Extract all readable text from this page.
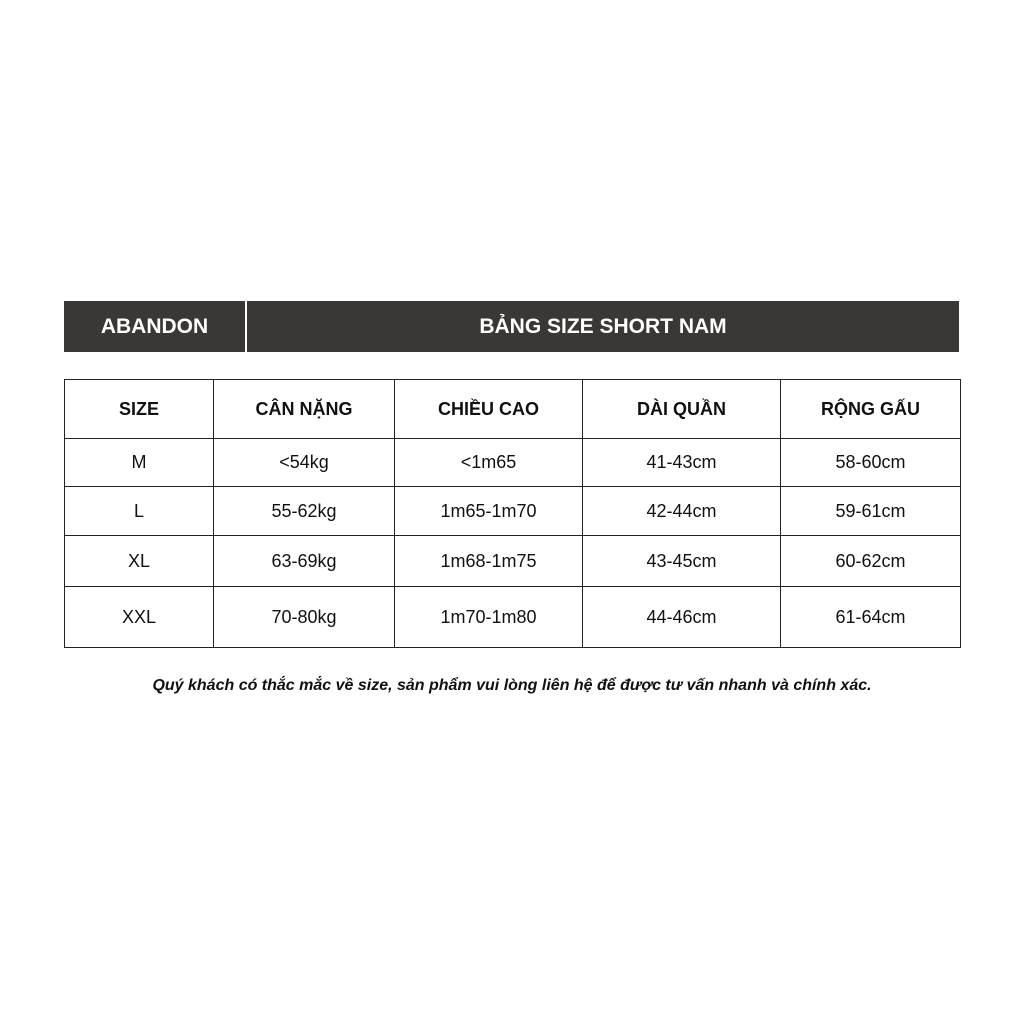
ABANDON	BẢNG SIZE SHORT NAM
SIZE	CÂN NẶNG	CHIỀU CAO	DÀI QUẦN	RỘNG GẤU
M	<54kg	<1m65	41-43cm	58-60cm
L	55-62kg	1m65-1m70	42-44cm	59-61cm
XL	63-69kg	1m68-1m75	43-45cm	60-62cm
XXL	70-80kg	1m70-1m80	44-46cm	61-64cm
Quý khách có thắc mắc về size, sản phẩm vui lòng liên hệ để được tư vấn nhanh và chính xác.
